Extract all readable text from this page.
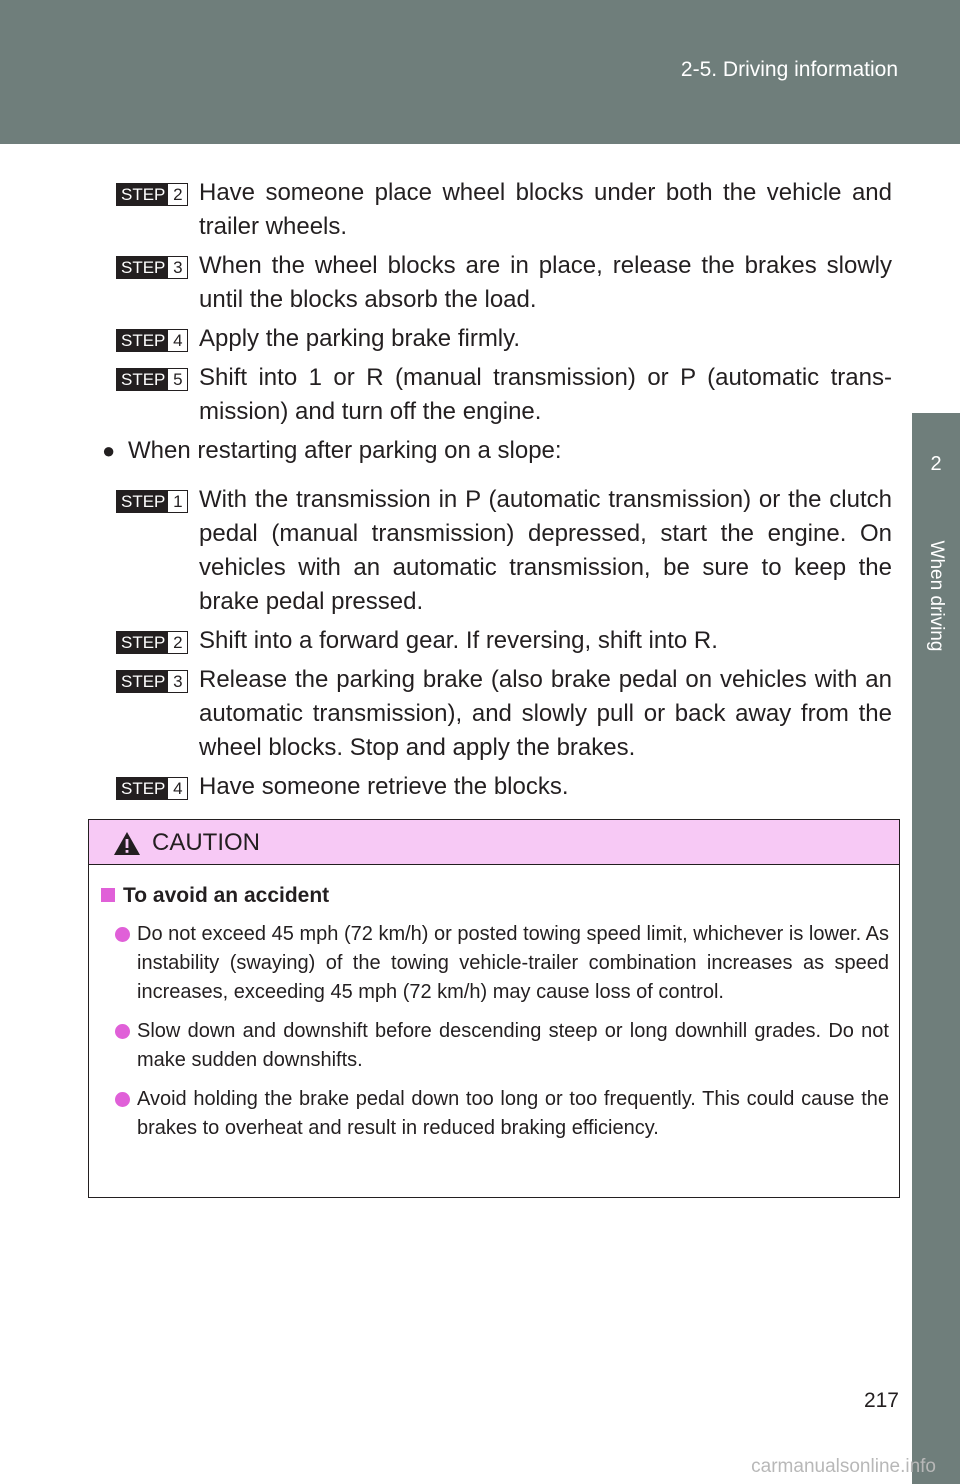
2-5. Driving information
2
When driving
STEP 2 Have someone place wheel blocks under both the vehicle and trailer wheels.
STEP 3 When the wheel blocks are in place, release the brakes slowly until the blocks absorb the load.
STEP 4 Apply the parking brake firmly.
STEP 5 Shift into 1 or R (manual transmission) or P (automatic trans-mission) and turn off the engine.
● When restarting after parking on a slope:
STEP 1 With the transmission in P (automatic transmission) or the clutch pedal (manual transmission) depressed, start the engine. On vehicles with an automatic transmission, be sure to keep the brake pedal pressed.
STEP 2 Shift into a forward gear. If reversing, shift into R.
STEP 3 Release the parking brake (also brake pedal on vehicles with an automatic transmission), and slowly pull or back away from the wheel blocks. Stop and apply the brakes.
STEP 4 Have someone retrieve the blocks.
CAUTION
To avoid an accident
Do not exceed 45 mph (72 km/h) or posted towing speed limit, whichever is lower. As instability (swaying) of the towing vehicle-trailer combination increases as speed increases, exceeding 45 mph (72 km/h) may cause loss of control.
Slow down and downshift before descending steep or long downhill grades. Do not make sudden downshifts.
Avoid holding the brake pedal down too long or too frequently. This could cause the brakes to overheat and result in reduced braking efficiency.
217
carmanualsonline.info
